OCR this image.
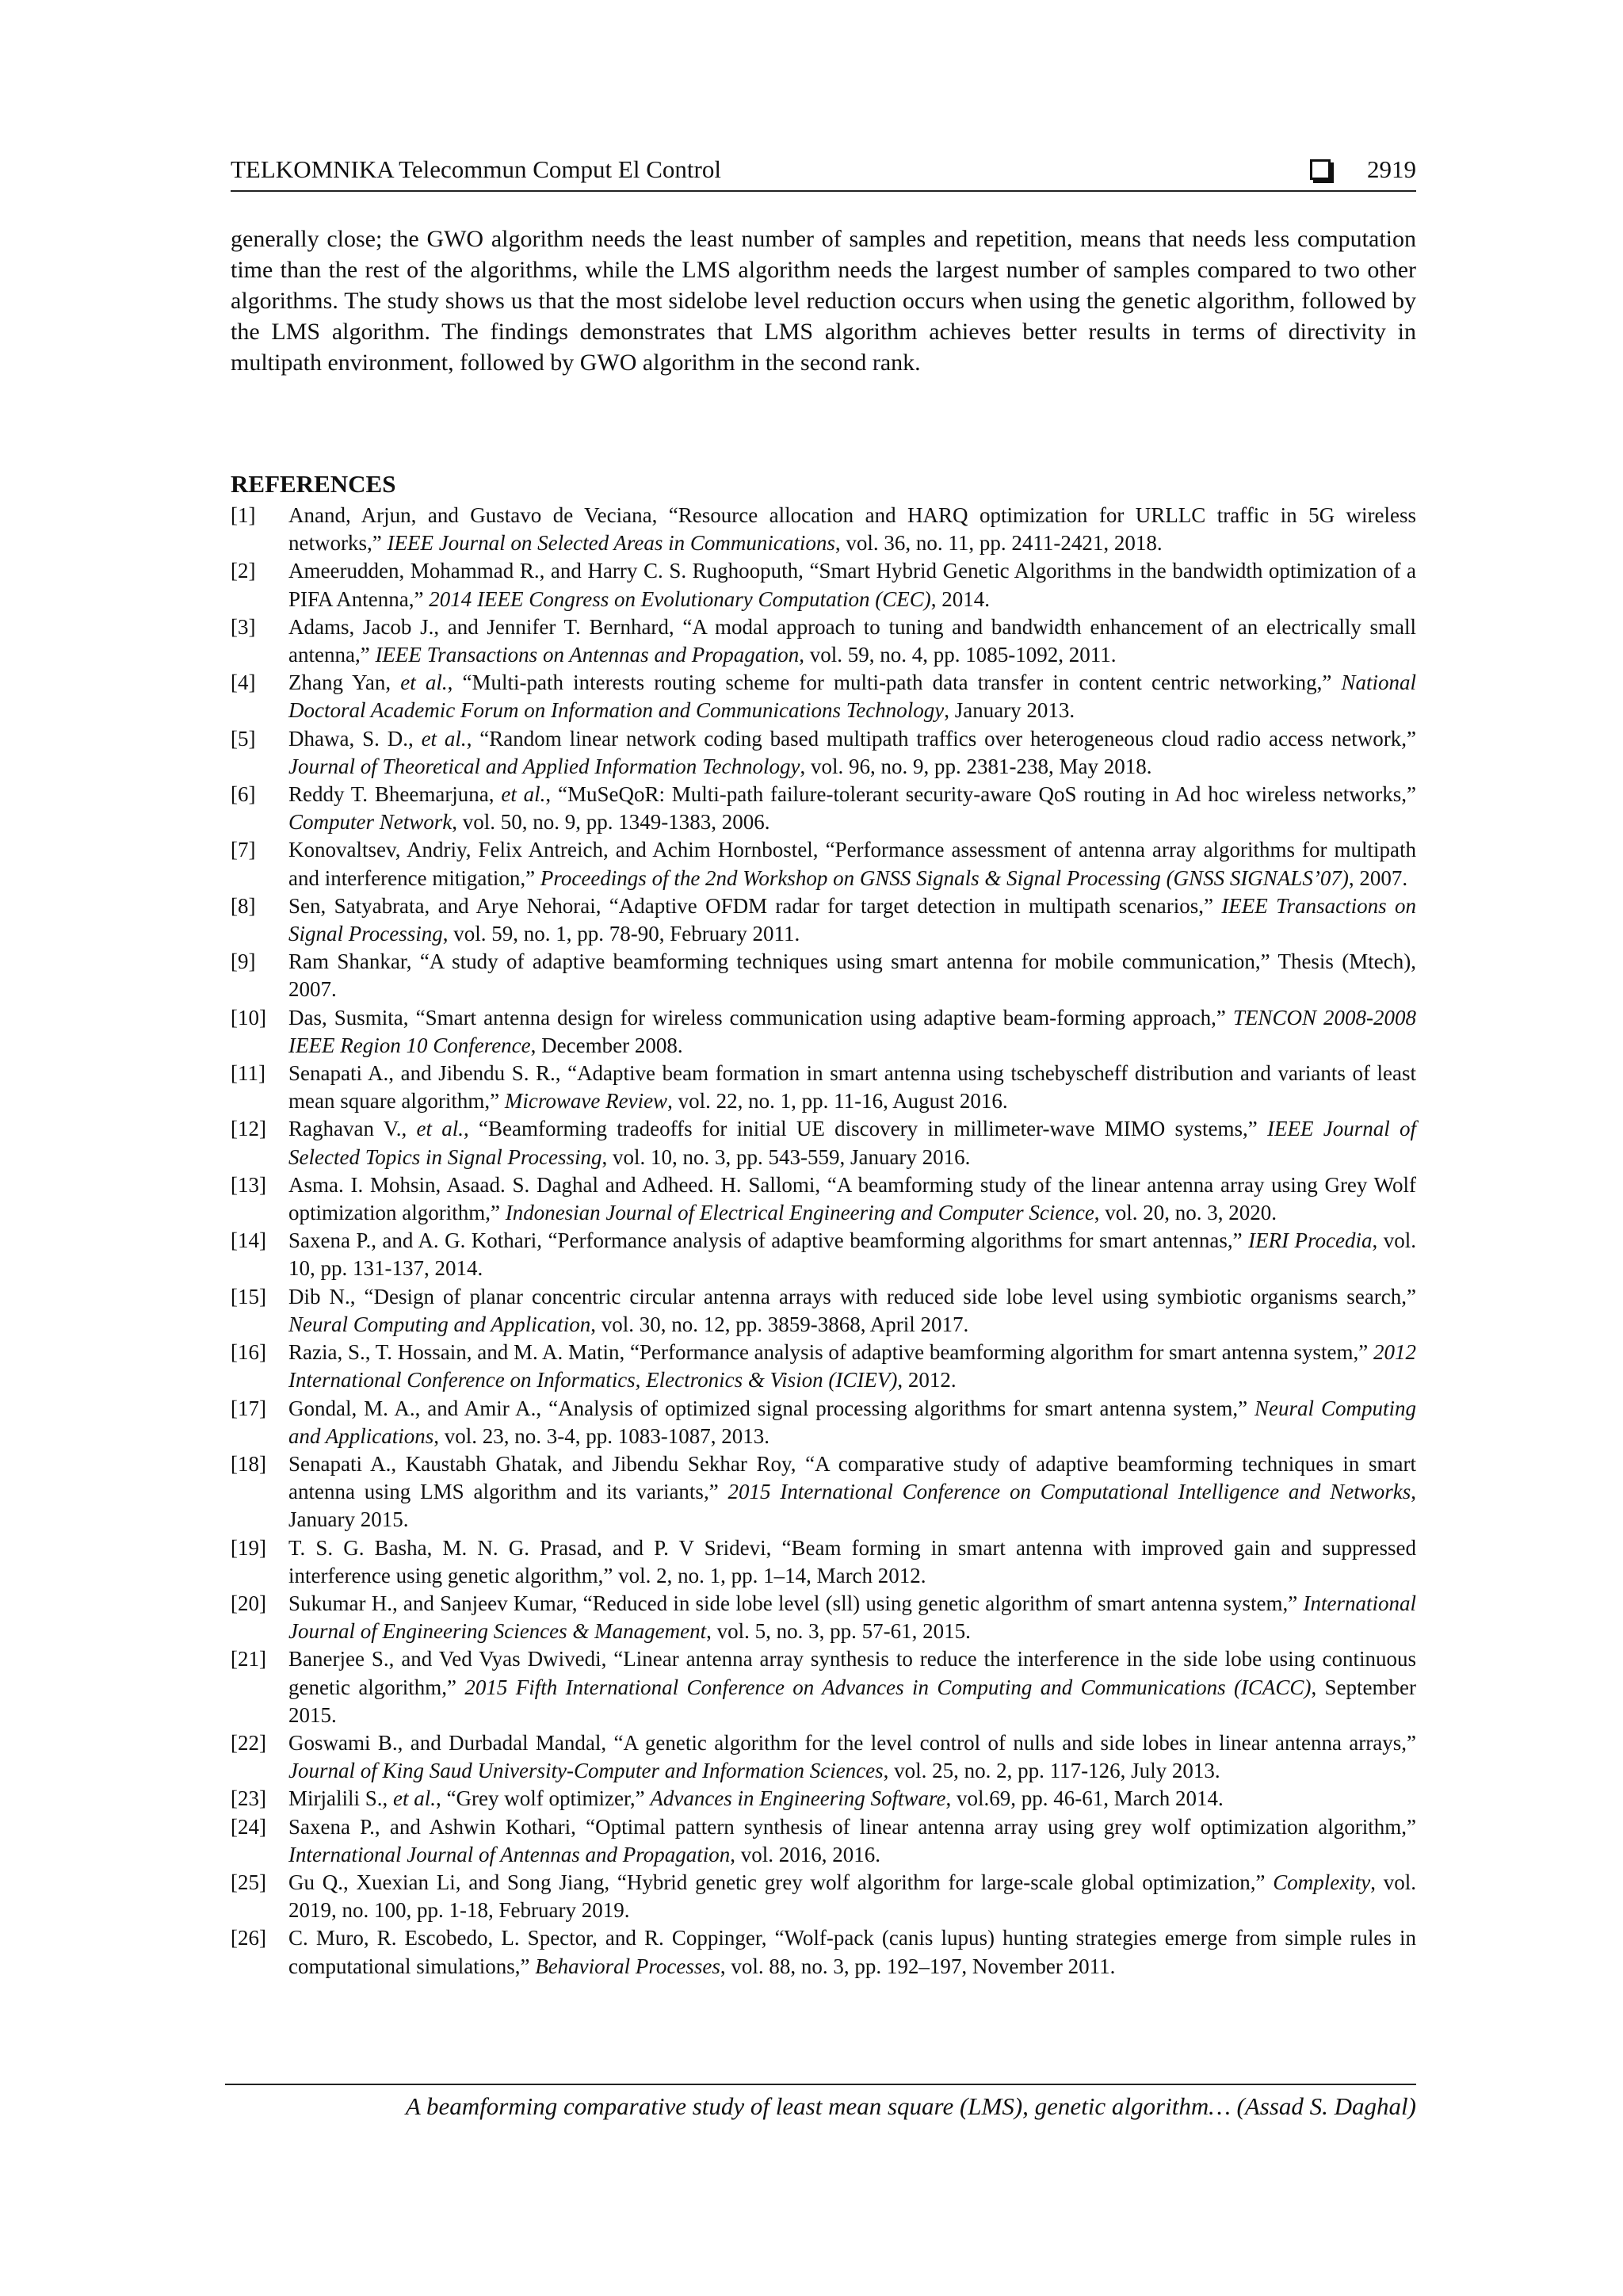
TELKOMNIKA Telecommun Comput El Control	2919

generally close; the GWO algorithm needs the least number of samples and repetition, means that needs less computation time than the rest of the algorithms, while the LMS algorithm needs the largest number of samples compared to two other algorithms. The study shows us that the most sidelobe level reduction occurs when using the genetic algorithm, followed by the LMS algorithm. The findings demonstrates that LMS algorithm achieves better results in terms of directivity in multipath environment, followed by GWO algorithm in the second rank.

REFERENCES
[1]	Anand, Arjun, and Gustavo de Veciana, “Resource allocation and HARQ optimization for URLLC traffic in 5G wireless networks,” IEEE Journal on Selected Areas in Communications, vol. 36, no. 11, pp. 2411-2421, 2018.
[2]	Ameerudden, Mohammad R., and Harry C. S. Rughooputh, “Smart Hybrid Genetic Algorithms in the bandwidth optimization of a PIFA Antenna,” 2014 IEEE Congress on Evolutionary Computation (CEC), 2014.
[3]	Adams, Jacob J., and Jennifer T. Bernhard, “A modal approach to tuning and bandwidth enhancement of an electrically small antenna,” IEEE Transactions on Antennas and Propagation, vol. 59, no. 4, pp. 1085-1092, 2011.
[4]	Zhang Yan, et al., “Multi-path interests routing scheme for multi-path data transfer in content centric networking,” National Doctoral Academic Forum on Information and Communications Technology, January 2013.
[5]	Dhawa, S. D., et al., “Random linear network coding based multipath traffics over heterogeneous cloud radio access network,” Journal of Theoretical and Applied Information Technology, vol. 96, no. 9, pp. 2381-238, May 2018.
[6]	Reddy T. Bheemarjuna, et al., “MuSeQoR: Multi-path failure-tolerant security-aware QoS routing in Ad hoc wireless networks,” Computer Network, vol. 50, no. 9, pp. 1349-1383, 2006.
[7]	Konovaltsev, Andriy, Felix Antreich, and Achim Hornbostel, “Performance assessment of antenna array algorithms for multipath and interference mitigation,” Proceedings of the 2nd Workshop on GNSS Signals & Signal Processing (GNSS SIGNALS’07), 2007.
[8]	Sen, Satyabrata, and Arye Nehorai, “Adaptive OFDM radar for target detection in multipath scenarios,” IEEE Transactions on Signal Processing, vol. 59, no. 1, pp. 78-90, February 2011.
[9]	Ram Shankar, “A study of adaptive beamforming techniques using smart antenna for mobile communication,” Thesis (Mtech), 2007.
[10]	Das, Susmita, “Smart antenna design for wireless communication using adaptive beam-forming approach,” TENCON 2008-2008 IEEE Region 10 Conference, December 2008.
[11]	Senapati A., and Jibendu S. R., “Adaptive beam formation in smart antenna using tschebyscheff distribution and variants of least mean square algorithm,” Microwave Review, vol. 22, no. 1, pp. 11-16, August 2016.
[12]	Raghavan V., et al., “Beamforming tradeoffs for initial UE discovery in millimeter-wave MIMO systems,” IEEE Journal of Selected Topics in Signal Processing, vol. 10, no. 3, pp. 543-559, January 2016.
[13]	Asma. I. Mohsin, Asaad. S. Daghal and Adheed. H. Sallomi, “A beamforming study of the linear antenna array using Grey Wolf optimization algorithm,” Indonesian Journal of Electrical Engineering and Computer Science, vol. 20, no. 3, 2020.
[14]	Saxena P., and A. G. Kothari, “Performance analysis of adaptive beamforming algorithms for smart antennas,” IERI Procedia, vol. 10, pp. 131-137, 2014.
[15]	Dib N., “Design of planar concentric circular antenna arrays with reduced side lobe level using symbiotic organisms search,” Neural Computing and Application, vol. 30, no. 12, pp. 3859-3868, April 2017.
[16]	Razia, S., T. Hossain, and M. A. Matin, “Performance analysis of adaptive beamforming algorithm for smart antenna system,” 2012 International Conference on Informatics, Electronics & Vision (ICIEV), 2012.
[17]	Gondal, M. A., and Amir A., “Analysis of optimized signal processing algorithms for smart antenna system,” Neural Computing and Applications, vol. 23, no. 3-4, pp. 1083-1087, 2013.
[18]	Senapati A., Kaustabh Ghatak, and Jibendu Sekhar Roy, “A comparative study of adaptive beamforming techniques in smart antenna using LMS algorithm and its variants,” 2015 International Conference on Computational Intelligence and Networks, January 2015.
[19]	T. S. G. Basha, M. N. G. Prasad, and P. V Sridevi, “Beam forming in smart antenna with improved gain and suppressed interference using genetic algorithm,” vol. 2, no. 1, pp. 1–14, March 2012.
[20]	Sukumar H., and Sanjeev Kumar, “Reduced in side lobe level (sll) using genetic algorithm of smart antenna system,” International Journal of Engineering Sciences & Management, vol. 5, no. 3, pp. 57-61, 2015.
[21]	Banerjee S., and Ved Vyas Dwivedi, “Linear antenna array synthesis to reduce the interference in the side lobe using continuous genetic algorithm,” 2015 Fifth International Conference on Advances in Computing and Communications (ICACC), September 2015.
[22]	Goswami B., and Durbadal Mandal, “A genetic algorithm for the level control of nulls and side lobes in linear antenna arrays,” Journal of King Saud University-Computer and Information Sciences, vol. 25, no. 2, pp. 117-126, July 2013.
[23]	Mirjalili S., et al., “Grey wolf optimizer,” Advances in Engineering Software, vol.69, pp. 46-61, March 2014.
[24]	Saxena P., and Ashwin Kothari, “Optimal pattern synthesis of linear antenna array using grey wolf optimization algorithm,” International Journal of Antennas and Propagation, vol. 2016, 2016.
[25]	Gu Q., Xuexian Li, and Song Jiang, “Hybrid genetic grey wolf algorithm for large-scale global optimization,” Complexity, vol. 2019, no. 100, pp. 1-18, February 2019.
[26]	C. Muro, R. Escobedo, L. Spector, and R. Coppinger, “Wolf-pack (canis lupus) hunting strategies emerge from simple rules in computational simulations,” Behavioral Processes, vol. 88, no. 3, pp. 192–197, November 2011.
A beamforming comparative study of least mean square (LMS), genetic algorithm… (Assad S. Daghal)
